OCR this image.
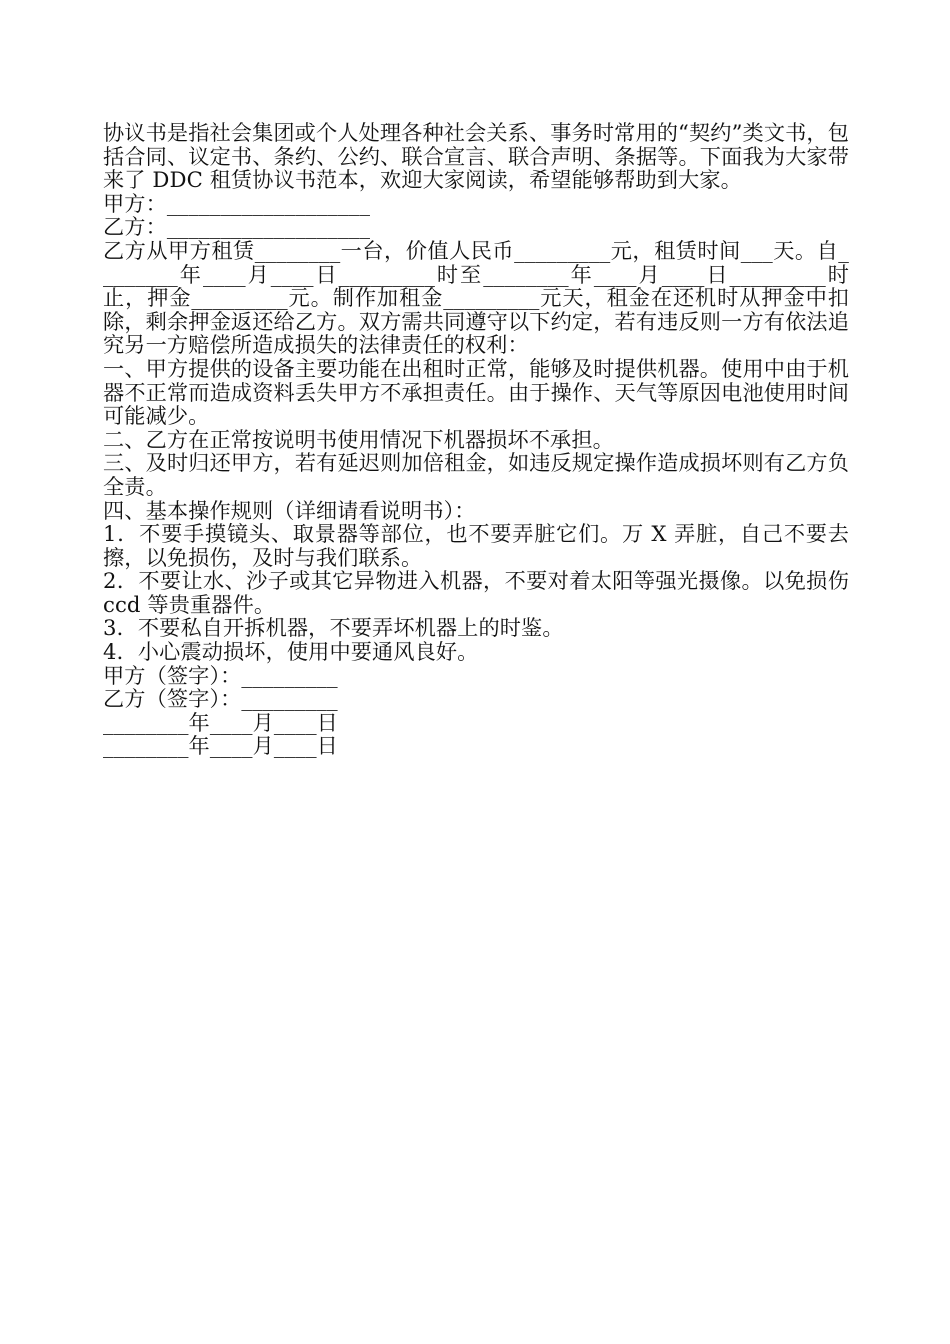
协议书是指社会集团或个人处理各种社会关系、事务时常用的“契约”类文书，包括合同、议定书、条约、公约、联合宣言、联合声明、条据等。下面我为大家带来了 DDC 租赁协议书范本，欢迎大家阅读，希望能够帮助到大家。

甲方：___________________

乙方：___________________

乙方从甲方租赁________一台，价值人民币_________元，租赁时间___天。自________年____月____日_________时至________年____月____日_________时止，押金_________元。制作加租金_________元天，租金在还机时从押金中扣除，剩余押金返还给乙方。双方需共同遵守以下约定，若有违反则一方有依法追究另一方赔偿所造成损失的法律责任的权利：

一、甲方提供的设备主要功能在出租时正常，能够及时提供机器。使用中由于机器不正常而造成资料丢失甲方不承担责任。由于操作、天气等原因电池使用时间可能减少。

二、乙方在正常按说明书使用情况下机器损坏不承担。

三、及时归还甲方，若有延迟则加倍租金，如违反规定操作造成损坏则有乙方负全责。

四、基本操作规则（详细请看说明书）：

1．不要手摸镜头、取景器等部位，也不要弄脏它们。万 X 弄脏，自己不要去擦，以免损伤，及时与我们联系。

2．不要让水、沙子或其它异物进入机器，不要对着太阳等强光摄像。以免损伤 ccd 等贵重器件。

3．不要私自开拆机器，不要弄坏机器上的时鉴。

4．小心震动损坏，使用中要通风良好。

甲方（签字）：_________

乙方（签字）：_________

________年____月____日

________年____月____日
